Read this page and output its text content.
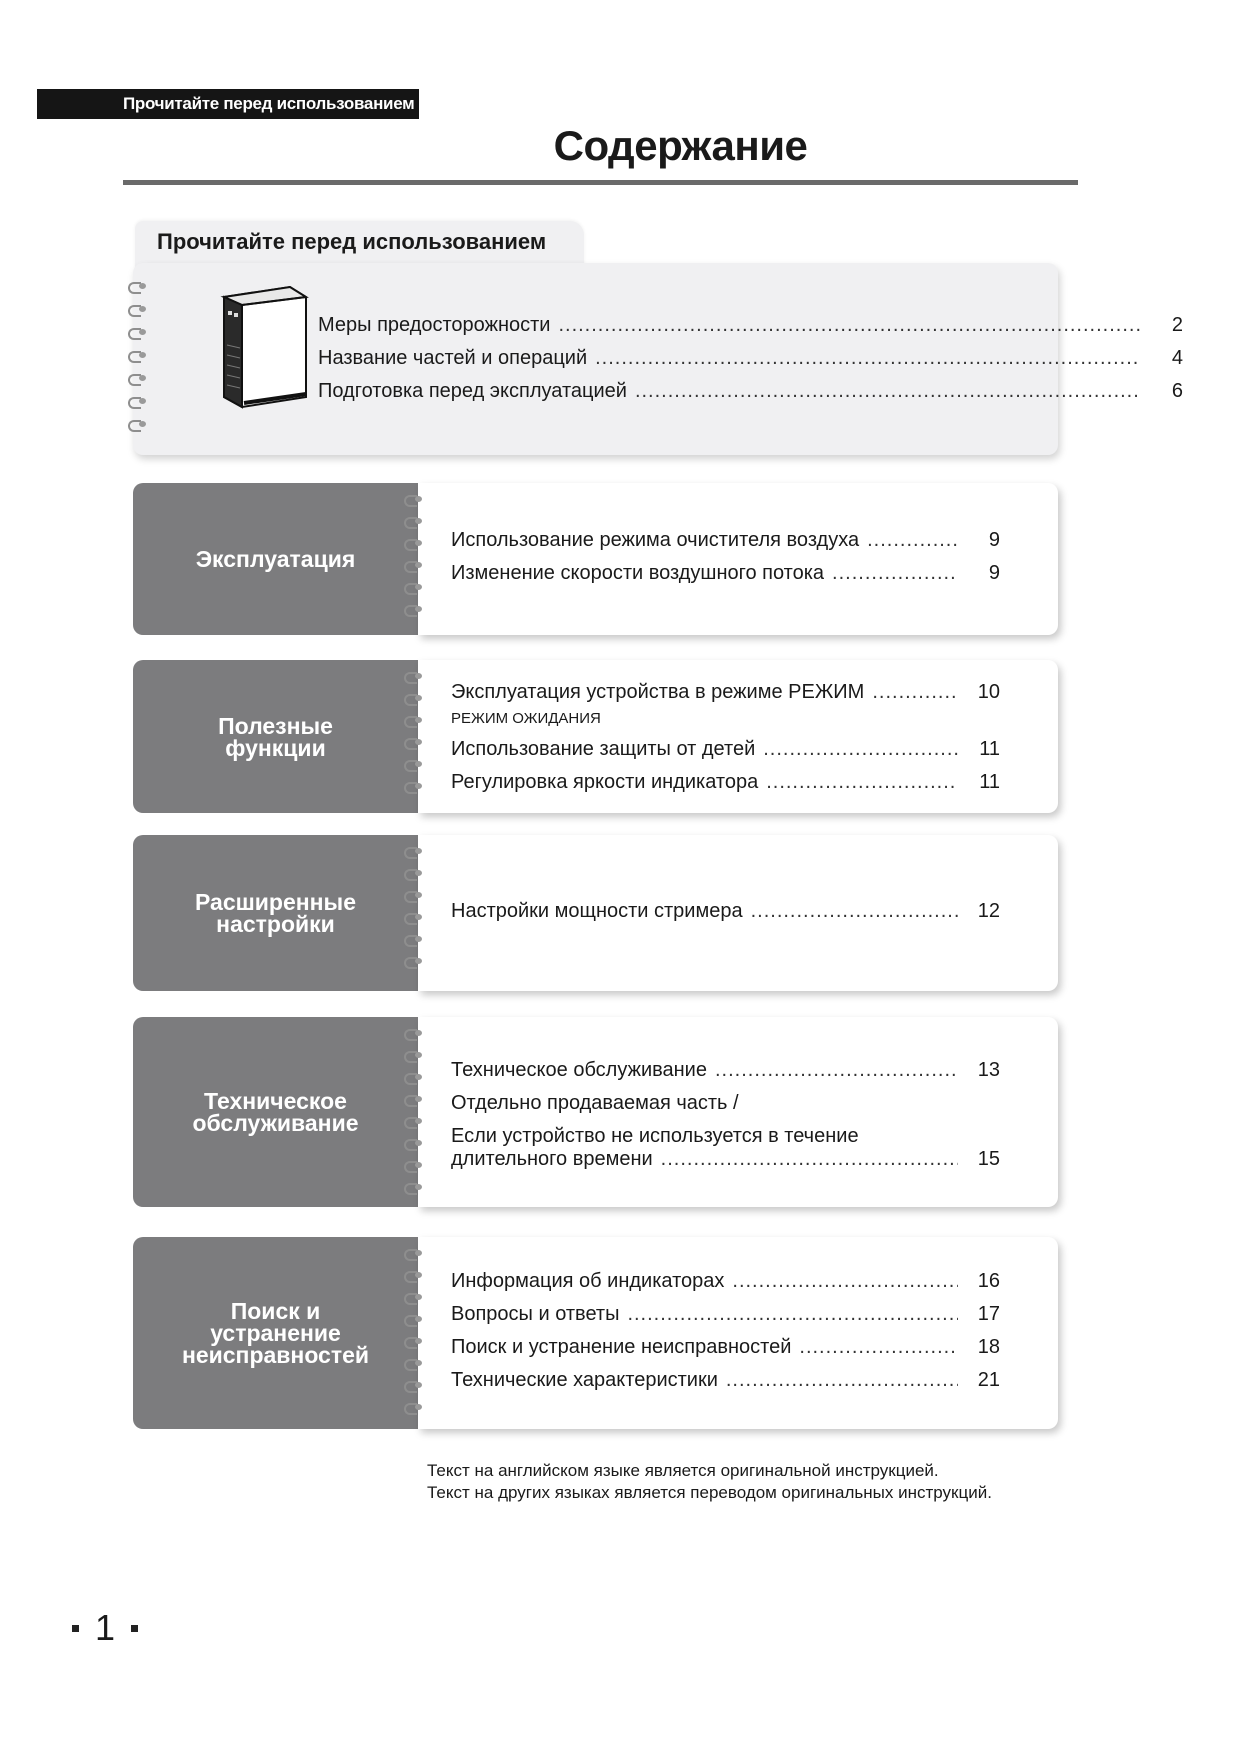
Прочитайте перед использованием
Содержание
Прочитайте перед использованием
Меры предосторожности .....	2
Название частей и операций .....	4
Подготовка перед эксплуатацией .....	6
Эксплуатация
Использование режима очистителя воздуха .....	9
Изменение скорости воздушного потока .....	9
Полезные
функции
Эксплуатация устройства в режиме РЕЖИМ .....	10
РЕЖИМ ОЖИДАНИЯ
Использование защиты от детей .....	11
Регулировка яркости индикатора .....	11
Расширенные
настройки	Настройки мощности стримера .....	12
Техническое
обслуживание
Техническое обслуживание .....	13
Отдельно продаваемая часть /
Если устройство не используется в течение
длительного времени .....	15
Поиск и
устранение
неисправностей
Информация об индикаторах .....	16
Вопросы и ответы .....	17
Поиск и устранение неисправностей .....	18
Технические характеристики .....	21
Текст на английском языке является оригинальной инструкцией.
Текст на других языках является переводом оригинальных инструкций.
1
